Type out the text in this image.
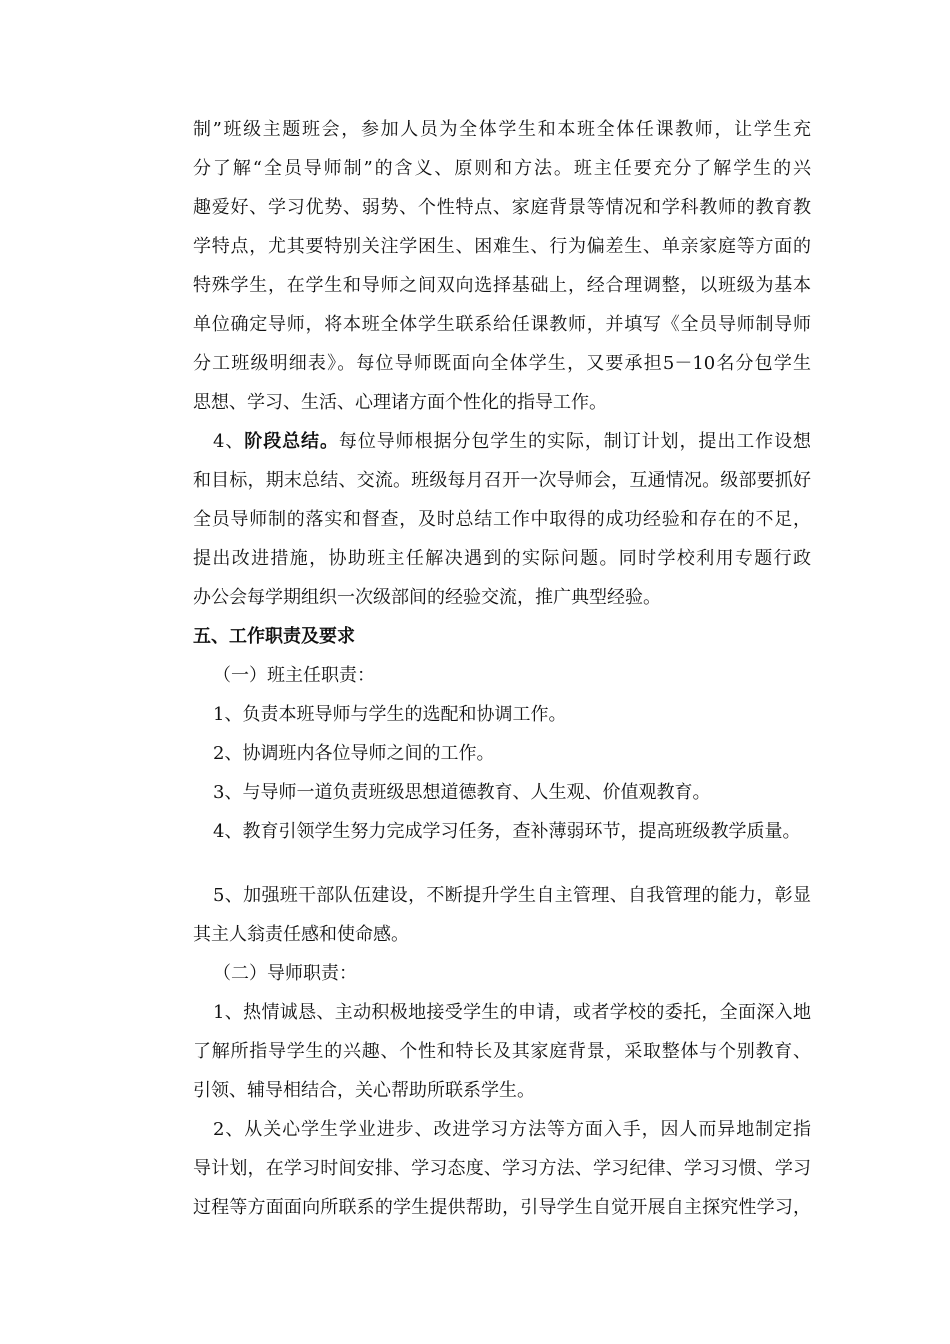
制”班级主题班会，参加人员为全体学生和本班全体任课教师，让学生充
分了解“全员导师制”的含义、原则和方法。班主任要充分了解学生的兴
趣爱好、学习优势、弱势、个性特点、家庭背景等情况和学科教师的教育教
学特点，尤其要特别关注学困生、困难生、行为偏差生、单亲家庭等方面的
特殊学生，在学生和导师之间双向选择基础上，经合理调整，以班级为基本
单位确定导师，将本班全体学生联系给任课教师，并填写《全员导师制导师
分工班级明细表》。每位导师既面向全体学生，又要承担5－10名分包学生
思想、学习、生活、心理诸方面个性化的指导工作。
4、阶段总结。每位导师根据分包学生的实际，制订计划，提出工作设想
和目标，期末总结、交流。班级每月召开一次导师会，互通情况。级部要抓好
全员导师制的落实和督查，及时总结工作中取得的成功经验和存在的不足，
提出改进措施，协助班主任解决遇到的实际问题。同时学校利用专题行政
办公会每学期组织一次级部间的经验交流，推广典型经验。
五、工作职责及要求
（一）班主任职责：
1、负责本班导师与学生的选配和协调工作。
2、协调班内各位导师之间的工作。
3、与导师一道负责班级思想道德教育、人生观、价值观教育。
4、教育引领学生努力完成学习任务，查补薄弱环节，提高班级教学质量。
5、加强班干部队伍建设，不断提升学生自主管理、自我管理的能力，彰显
其主人翁责任感和使命感。
（二）导师职责：
1、热情诚恳、主动积极地接受学生的申请，或者学校的委托，全面深入地
了解所指导学生的兴趣、个性和特长及其家庭背景，采取整体与个别教育、
引领、辅导相结合，关心帮助所联系学生。
2、从关心学生学业进步、改进学习方法等方面入手，因人而异地制定指
导计划，在学习时间安排、学习态度、学习方法、学习纪律、学习习惯、学习
过程等方面面向所联系的学生提供帮助，引导学生自觉开展自主探究性学习，
